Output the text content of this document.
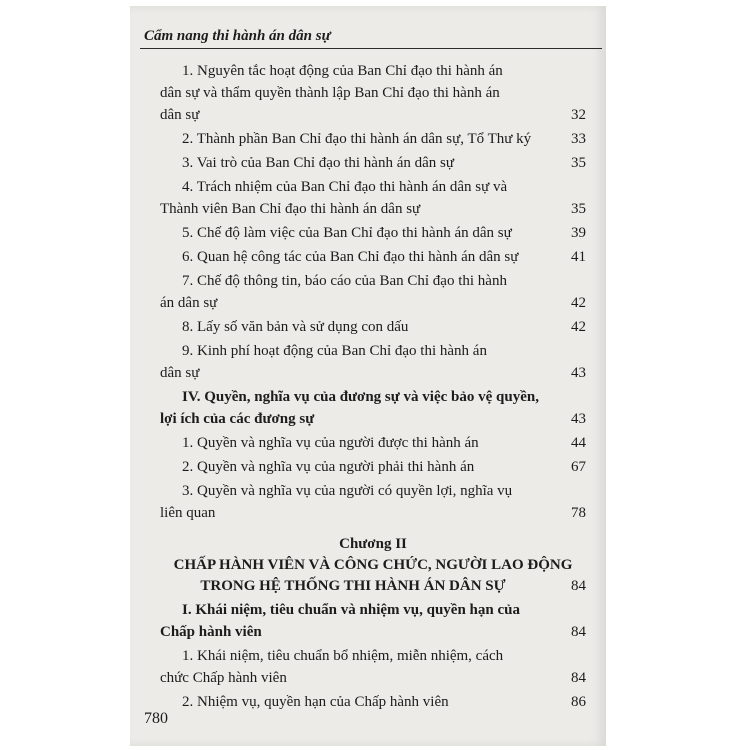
Cẩm nang thi hành án dân sự
1. Nguyên tắc hoạt động của Ban Chỉ đạo thi hành án
dân sự và thẩm quyền thành lập Ban Chỉ đạo thi hành án
dân sự	32
2. Thành phần Ban Chỉ đạo thi hành án dân sự, Tổ Thư ký	33
3. Vai trò của Ban Chỉ đạo thi hành án dân sự	35
4. Trách nhiệm của Ban Chỉ đạo thi hành án dân sự và
Thành viên Ban Chỉ đạo thi hành án dân sự	35
5. Chế độ làm việc của Ban Chỉ đạo thi hành án dân sự	39
6. Quan hệ công tác của Ban Chỉ đạo thi hành án dân sự	41
7. Chế độ thông tin, báo cáo của Ban Chỉ đạo thi hành
án dân sự	42
8. Lấy số văn bản và sử dụng con dấu	42
9. Kinh phí hoạt động của Ban Chỉ đạo thi hành án
dân sự	43
IV. Quyền, nghĩa vụ của đương sự và việc bảo vệ quyền,
lợi ích của các đương sự	43
1. Quyền và nghĩa vụ của người được thi hành án	44
2. Quyền và nghĩa vụ của người phải thi hành án	67
3. Quyền và nghĩa vụ của người có quyền lợi, nghĩa vụ
liên quan	78
Chương II
CHẤP HÀNH VIÊN VÀ CÔNG CHỨC, NGƯỜI LAO ĐỘNG
TRONG HỆ THỐNG THI HÀNH ÁN DÂN SỰ	84
I. Khái niệm, tiêu chuẩn và nhiệm vụ, quyền hạn của
Chấp hành viên	84
1. Khái niệm, tiêu chuẩn bổ nhiệm, miễn nhiệm, cách
chức Chấp hành viên	84
2. Nhiệm vụ, quyền hạn của Chấp hành viên	86
780
